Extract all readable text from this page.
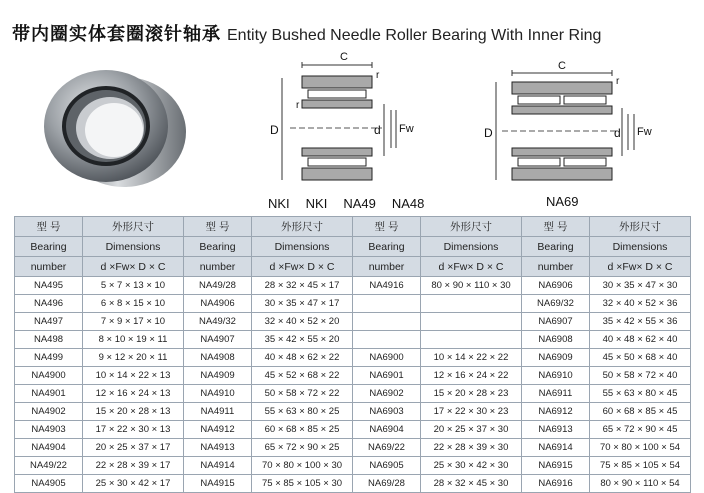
带内圈实体套圈滚针轴承 Entity Bushed Needle Roller Bearing With Inner Ring
C
r
r
D	d Fw
NKI NKI NA49 NA48
C
r
D	d Fw
NA69
型 号	外形尺寸	型 号	外形尺寸	型 号	外形尺寸	型 号	外形尺寸
Bearing	Dimensions	Bearing	Dimensions	Bearing	Dimensions	Bearing	Dimensions
number	d ×Fw× D × C	number	d ×Fw× D × C	number	d ×Fw× D × C	number	d ×Fw× D × C
NA495	5 × 7 × 13 × 10	NA49/28	28 × 32 × 45 × 17	NA4916	80 × 90 × 110 × 30	NA6906	30 × 35 × 47 × 30
NA496	6 × 8 × 15 × 10	NA4906	30 × 35 × 47 × 17			NA69/32	32 × 40 × 52 × 36
NA497	7 × 9 × 17 × 10	NA49/32	32 × 40 × 52 × 20			NA6907	35 × 42 × 55 × 36
NA498	8 × 10 × 19 × 11	NA4907	35 × 42 × 55 × 20			NA6908	40 × 48 × 62 × 40
NA499	9 × 12 × 20 × 11	NA4908	40 × 48 × 62 × 22	NA6900	10 × 14 × 22 × 22	NA6909	45 × 50 × 68 × 40
NA4900	10 × 14 × 22 × 13	NA4909	45 × 52 × 68 × 22	NA6901	12 × 16 × 24 × 22	NA6910	50 × 58 × 72 × 40
NA4901	12 × 16 × 24 × 13	NA4910	50 × 58 × 72 × 22	NA6902	15 × 20 × 28 × 23	NA6911	55 × 63 × 80 × 45
NA4902	15 × 20 × 28 × 13	NA4911	55 × 63 × 80 × 25	NA6903	17 × 22 × 30 × 23	NA6912	60 × 68 × 85 × 45
NA4903	17 × 22 × 30 × 13	NA4912	60 × 68 × 85 × 25	NA6904	20 × 25 × 37 × 30	NA6913	65 × 72 × 90 × 45
NA4904	20 × 25 × 37 × 17	NA4913	65 × 72 × 90 × 25	NA69/22	22 × 28 × 39 × 30	NA6914	70 × 80 × 100 × 54
NA49/22	22 × 28 × 39 × 17	NA4914	70 × 80 × 100 × 30	NA6905	25 × 30 × 42 × 30	NA6915	75 × 85 × 105 × 54
NA4905	25 × 30 × 42 × 17	NA4915	75 × 85 × 105 × 30	NA69/28	28 × 32 × 45 × 30	NA6916	80 × 90 × 110 × 54
